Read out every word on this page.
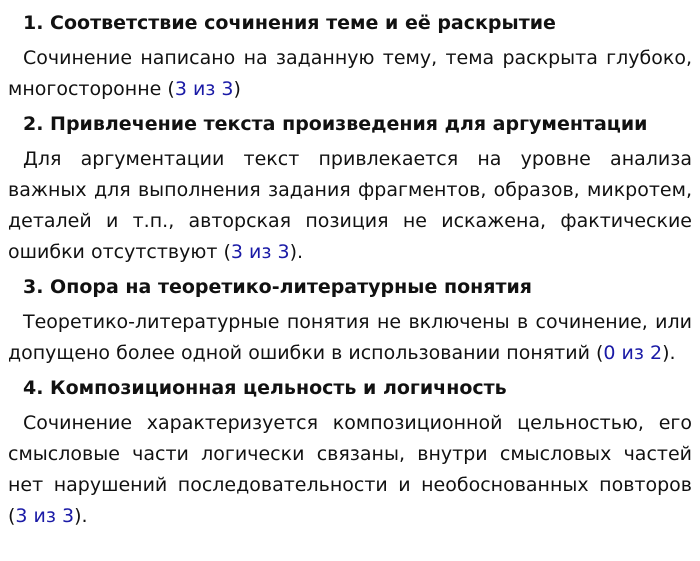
1. Соответствие сочинения теме и её раскрытие

Сочинение написано на заданную тему, тема раскрыта глубоко, многосторонне (3 из 3)

2. Привлечение текста произведения для аргументации

Для аргументации текст привлекается на уровне анализа важных для выполнения задания фрагментов, образов, микротем, деталей и т.п., авторская позиция не искажена, фактические ошибки отсутствуют (3 из 3).

3. Опора на теоретико-литературные понятия

Теоретико-литературные понятия не включены в сочинение, или допущено более одной ошибки в использовании понятий (0 из 2).

4. Композиционная цельность и логичность

Сочинение характеризуется композиционной цельностью, его смысловые части логически связаны, внутри смысловых частей нет нарушений последовательности и необоснованных повторов (3 из 3).
